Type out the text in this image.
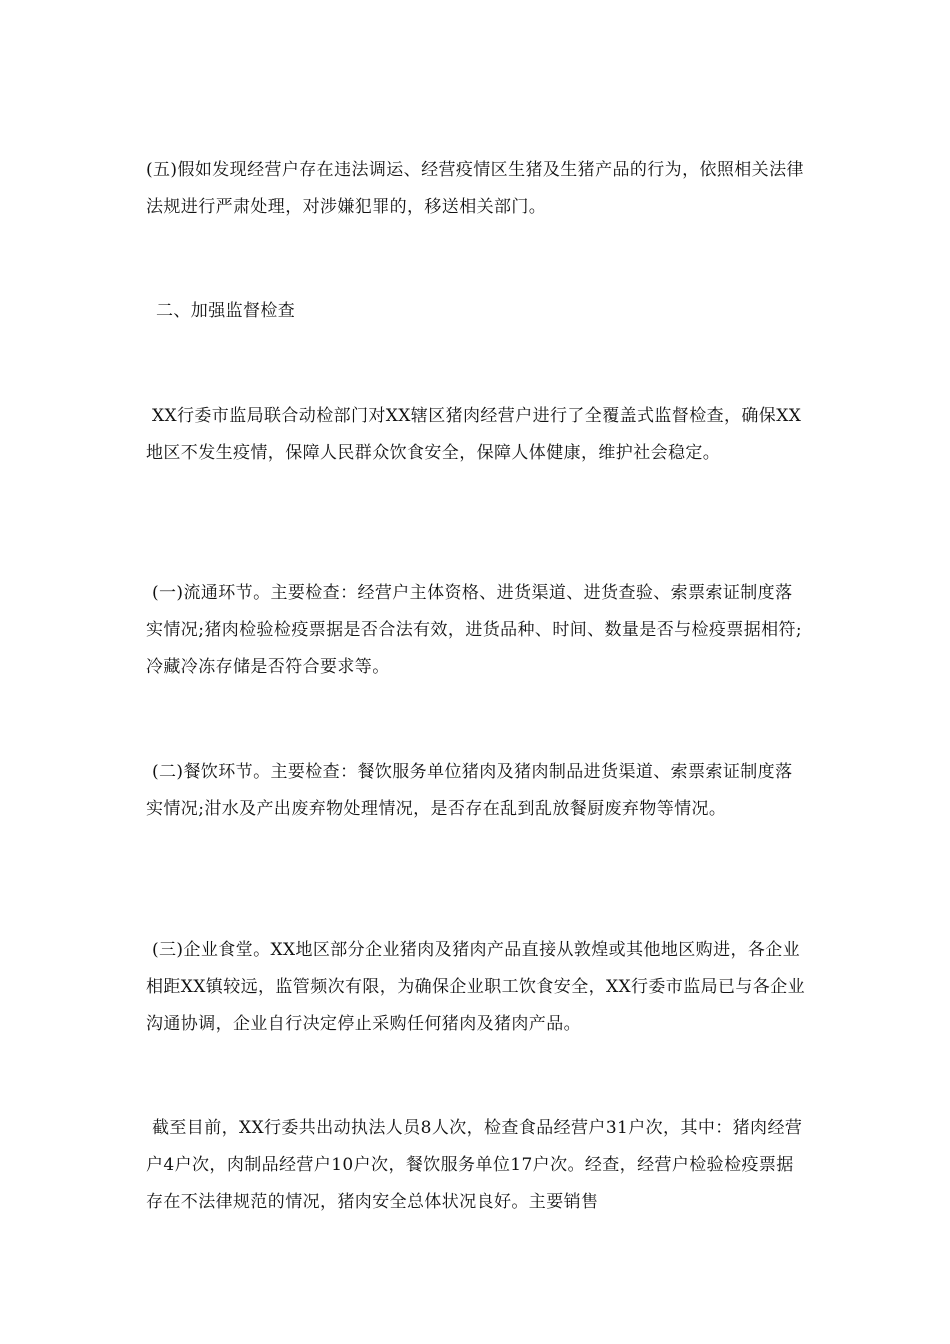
(五)假如发现经营户存在违法调运、经营疫情区生猪及生猪产品的行为，依照相关法律法规进行严肃处理，对涉嫌犯罪的，移送相关部门。

二、加强监督检查

XX行委市监局联合动检部门对XX辖区猪肉经营户进行了全覆盖式监督检查，确保XX地区不发生疫情，保障人民群众饮食安全，保障人体健康，维护社会稳定。

(一)流通环节。主要检查：经营户主体资格、进货渠道、进货查验、索票索证制度落实情况;猪肉检验检疫票据是否合法有效，进货品种、时间、数量是否与检疫票据相符;冷藏冷冻存储是否符合要求等。

(二)餐饮环节。主要检查：餐饮服务单位猪肉及猪肉制品进货渠道、索票索证制度落实情况;泔水及产出废弃物处理情况，是否存在乱到乱放餐厨废弃物等情况。

(三)企业食堂。XX地区部分企业猪肉及猪肉产品直接从敦煌或其他地区购进，各企业相距XX镇较远，监管频次有限，为确保企业职工饮食安全，XX行委市监局已与各企业沟通协调，企业自行决定停止采购任何猪肉及猪肉产品。

截至目前，XX行委共出动执法人员8人次，检查食品经营户31户次，其中：猪肉经营户4户次，肉制品经营户10户次，餐饮服务单位17户次。经查，经营户检验检疫票据存在不法律规范的情况，猪肉安全总体状况良好。主要销售
